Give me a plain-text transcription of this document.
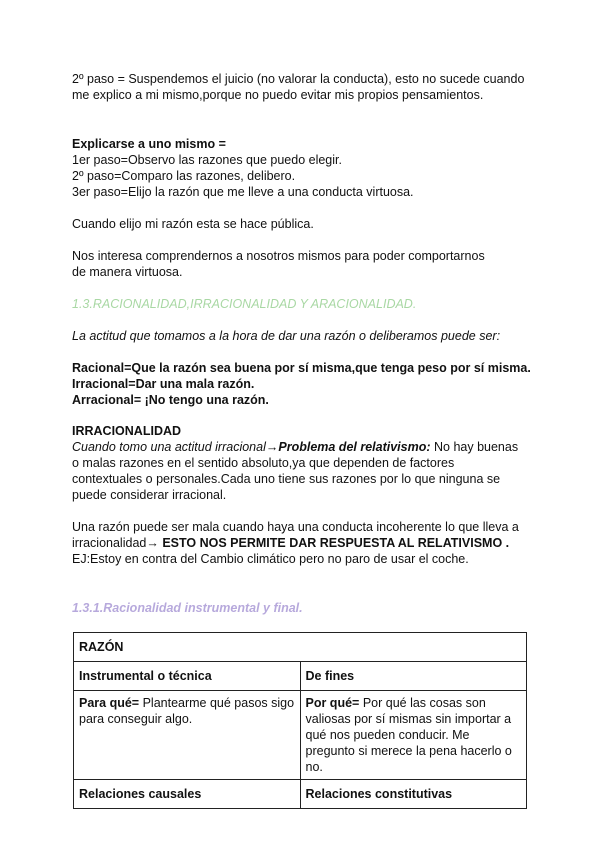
2º paso = Suspendemos el juicio (no valorar la conducta), esto no sucede cuando
me explico a mi mismo,porque no puedo evitar mis propios pensamientos.

Explicarse a uno mismo =
1er paso=Observo las razones que puedo elegir.
2º paso=Comparo las razones, delibero.
3er paso=Elijo la razón que me lleve a una conducta virtuosa.

Cuando elijo mi razón esta se hace pública.

Nos interesa comprendernos a nosotros mismos para poder comportarnos de manera virtuosa.

1.3.RACIONALIDAD,IRRACIONALIDAD Y ARACIONALIDAD.

La actitud que tomamos a la hora de dar una razón o deliberamos puede ser:

Racional=Que la razón sea buena por sí misma,que tenga peso por sí misma.
Irracional=Dar una mala razón.
Arracional= ¡No tengo una razón.

IRRACIONALIDAD

Cuando tomo una actitud irracional→Problema del relativismo: No hay buenas o malas razones en el sentido absoluto,ya que dependen de factores contextuales o personales.Cada uno tiene sus razones por lo que ninguna se puede considerar irracional.

Una razón puede ser mala cuando haya una conducta incoherente lo que lleva a irracionalidad→ ESTO NOS PERMITE DAR RESPUESTA AL RELATIVISMO .
EJ:Estoy en contra del Cambio climático pero no paro de usar el coche.

1.3.1.Racionalidad instrumental y final.

RAZÓN	
Instrumental o técnica	De fines
Para qué= Plantearme qué pasos sigo para conseguir algo.	Por qué= Por qué las cosas son valiosas por sí mismas sin importar a qué nos pueden conducir. Me pregunto si merece la pena hacerlo o no.
Relaciones causales	Relaciones constitutivas
